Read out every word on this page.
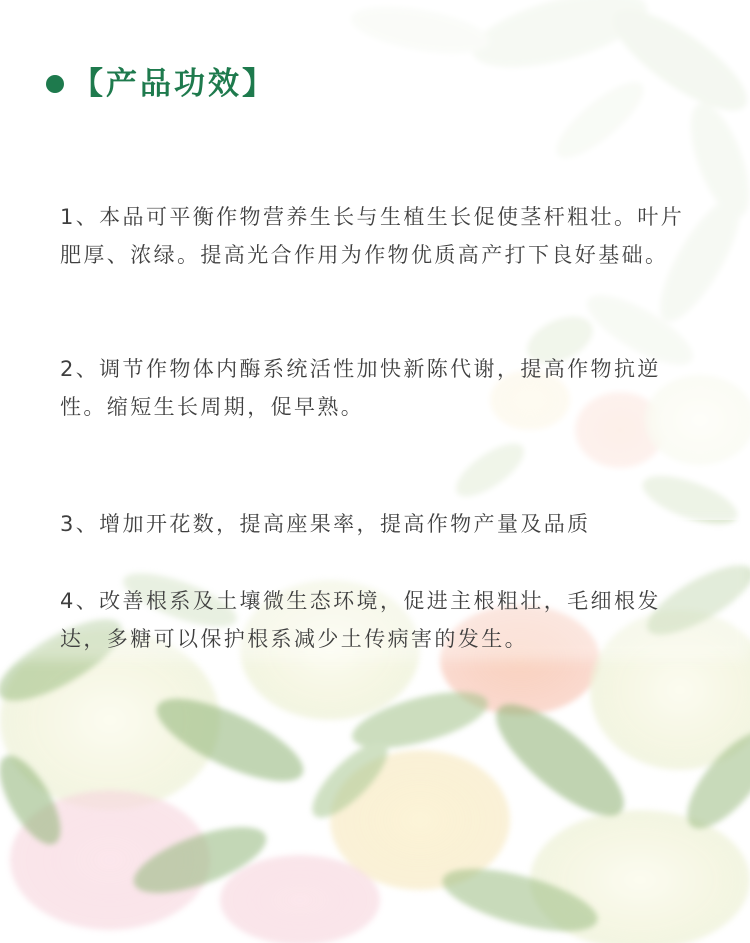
【产品功效】

1、本品可平衡作物营养生长与生植生长促使茎杆粗壮。叶片肥厚、浓绿。提高光合作用为作物优质高产打下良好基础。

2、调节作物体内酶系统活性加快新陈代谢，提高作物抗逆性。缩短生长周期，促早熟。

3、增加开花数，提高座果率，提高作物产量及品质

4、改善根系及土壤微生态环境，促进主根粗壮，毛细根发达，多糖可以保护根系减少土传病害的发生。
